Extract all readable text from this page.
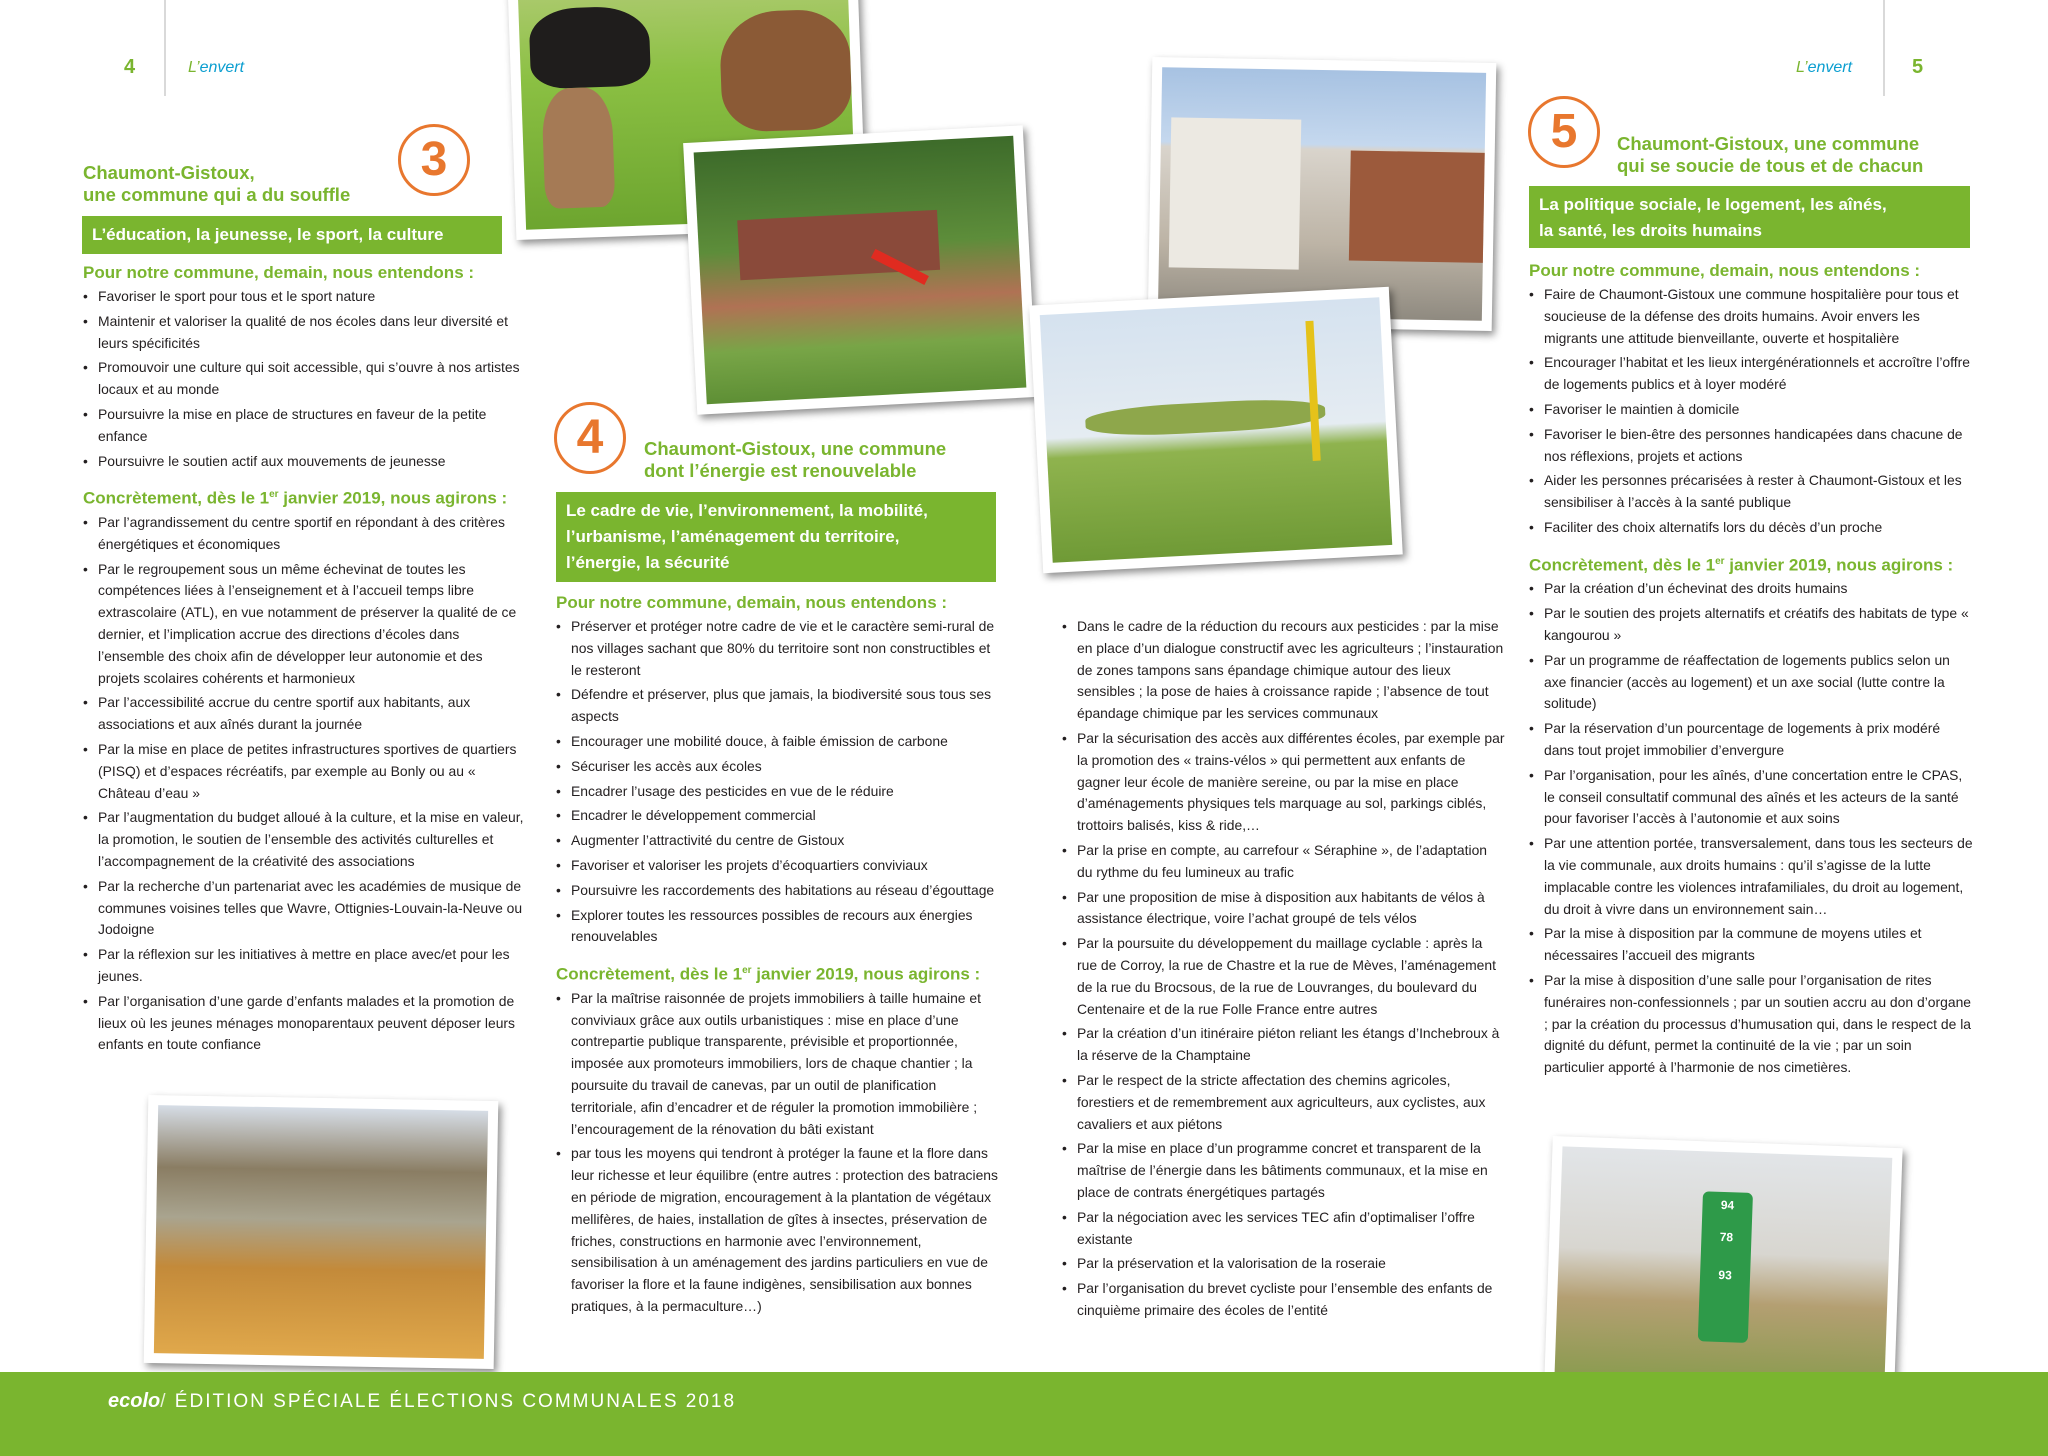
4	L’envert	L’envert	5
3
Chaumont-Gistoux,
une commune qui a du souffle
L’éducation, la jeunesse, le sport, la culture
Pour notre commune, demain, nous entendons :
• Favoriser le sport pour tous et le sport nature
• Maintenir et valoriser la qualité de nos écoles dans leur diversité et leurs spécificités
• Promouvoir une culture qui soit accessible, qui s’ouvre à nos artistes locaux et au monde
• Poursuivre la mise en place de structures en faveur de la petite enfance
• Poursuivre le soutien actif aux mouvements de jeunesse
Concrètement, dès le 1er janvier 2019, nous agirons :
• Par l’agrandissement du centre sportif en répondant à des critères énergétiques et économiques
• Par le regroupement sous un même échevinat de toutes les compétences liées à l’enseignement et à l’accueil temps libre extrascolaire (ATL), en vue notamment de préserver la qualité de ce dernier, et l’implication accrue des directions d’écoles dans l’ensemble des choix afin de développer leur autonomie et des projets scolaires cohérents et harmonieux
• Par l’accessibilité accrue du centre sportif aux habitants, aux associations et aux aînés durant la journée
• Par la mise en place de petites infrastructures sportives de quartiers (PISQ) et d’espaces récréatifs, par exemple au Bonly ou au « Château d’eau »
• Par l’augmentation du budget alloué à la culture, et la mise en valeur, la promotion, le soutien de l’ensemble des activités culturelles et l’accompagnement de la créativité des associations
• Par la recherche d’un partenariat avec les académies de musique de communes voisines telles que Wavre, Ottignies-Louvain-la-Neuve ou Jodoigne
• Par la réflexion sur les initiatives à mettre en place avec/et pour les jeunes.
• Par l’organisation d’une garde d’enfants malades et la promotion de lieux où les jeunes ménages monoparentaux peuvent déposer leurs enfants en toute confiance
4	Chaumont-Gistoux, une commune
dont l’énergie est renouvelable
Le cadre de vie, l’environnement, la mobilité,
l’urbanisme, l’aménagement du territoire,
l’énergie, la sécurité
Pour notre commune, demain, nous entendons :
• Préserver et protéger notre cadre de vie et le caractère semi-rural de nos villages sachant que 80% du territoire sont non constructibles et le resteront
• Défendre et préserver, plus que jamais, la biodiversité sous tous ses aspects
• Encourager une mobilité douce, à faible émission de carbone
• Sécuriser les accès aux écoles
• Encadrer l’usage des pesticides en vue de le réduire
• Encadrer le développement commercial
• Augmenter l’attractivité du centre de Gistoux
• Favoriser et valoriser les projets d’écoquartiers conviviaux
• Poursuivre les raccordements des habitations au réseau d’égouttage
• Explorer toutes les ressources possibles de recours aux énergies renouvelables
Concrètement, dès le 1er janvier 2019, nous agirons :
• Par la maîtrise raisonnée de projets immobiliers à taille humaine et conviviaux grâce aux outils urbanistiques : mise en place d’une contrepartie publique transparente, prévisible et proportionnée, imposée aux promoteurs immobiliers, lors de chaque chantier ; la poursuite du travail de canevas, par un outil de planification territoriale, afin d’encadrer et de réguler la promotion immobilière ; l’encouragement de la rénovation du bâti existant
• par tous les moyens qui tendront à protéger la faune et la flore dans leur richesse et leur équilibre (entre autres : protection des batraciens en période de migration, encouragement à la plantation de végétaux mellifères, de haies, installation de gîtes à insectes, préservation de friches, constructions en harmonie avec l’environnement, sensibilisation à un aménagement des jardins particuliers en vue de favoriser la flore et la faune indigènes, sensibilisation aux bonnes pratiques, à la permaculture…)
• Dans le cadre de la réduction du recours aux pesticides : par la mise en place d’un dialogue constructif avec les agriculteurs ; l’instauration de zones tampons sans épandage chimique autour des lieux sensibles ; la pose de haies à croissance rapide ; l’absence de tout épandage chimique par les services communaux
• Par la sécurisation des accès aux différentes écoles, par exemple par la promotion des « trains-vélos » qui permettent aux enfants de gagner leur école de manière sereine, ou par la mise en place d’aménagements physiques tels marquage au sol, parkings ciblés, trottoirs balisés, kiss & ride,…
• Par la prise en compte, au carrefour « Séraphine », de l’adaptation du rythme du feu lumineux au trafic
• Par une proposition de mise à disposition aux habitants de vélos à assistance électrique, voire l’achat groupé de tels vélos
• Par la poursuite du développement du maillage cyclable : après la rue de Corroy, la rue de Chastre et la rue de Mèves, l’aménagement de la rue du Brocsous, de la rue de Louvranges, du boulevard du Centenaire et de la rue Folle France entre autres
• Par la création d’un itinéraire piéton reliant les étangs d’Inchebroux à la réserve de la Champtaine
• Par le respect de la stricte affectation des chemins agricoles, forestiers et de remembrement aux agriculteurs, aux cyclistes, aux cavaliers et aux piétons
• Par la mise en place d’un programme concret et transparent de la maîtrise de l’énergie dans les bâtiments communaux, et la mise en place de contrats énergétiques partagés
• Par la négociation avec les services TEC afin d’optimaliser l’offre existante
• Par la préservation et la valorisation de la roseraie
• Par l’organisation du brevet cycliste pour l’ensemble des enfants de cinquième primaire des écoles de l’entité
5	Chaumont-Gistoux, une commune
qui se soucie de tous et de chacun
La politique sociale, le logement, les aînés,
la santé, les droits humains
Pour notre commune, demain, nous entendons :
• Faire de Chaumont-Gistoux une commune hospitalière pour tous et soucieuse de la défense des droits humains. Avoir envers les migrants une attitude bienveillante, ouverte et hospitalière
• Encourager l’habitat et les lieux intergénérationnels et accroître l’offre de logements publics et à loyer modéré
• Favoriser le maintien à domicile
• Favoriser le bien-être des personnes handicapées dans chacune de nos réflexions, projets et actions
• Aider les personnes précarisées à rester à Chaumont-Gistoux et les sensibiliser à l’accès à la santé publique
• Faciliter des choix alternatifs lors du décès d’un proche
Concrètement, dès le 1er janvier 2019, nous agirons :
• Par la création d’un échevinat des droits humains
• Par le soutien des projets alternatifs et créatifs des habitats de type « kangourou »
• Par un programme de réaffectation de logements publics selon un axe financier (accès au logement) et un axe social (lutte contre la solitude)
• Par la réservation d’un pourcentage de logements à prix modéré dans tout projet immobilier d’envergure
• Par l’organisation, pour les aînés, d’une concertation entre le CPAS, le conseil consultatif communal des aînés et les acteurs de la santé pour favoriser l’accès à l’autonomie et aux soins
• Par une attention portée, transversalement, dans tous les secteurs de la vie communale, aux droits humains : qu’il s’agisse de la lutte implacable contre les violences intrafamiliales, du droit au logement, du droit à vivre dans un environnement sain…
• Par la mise à disposition par la commune de moyens utiles et nécessaires l’accueil des migrants
• Par la mise à disposition d’une salle pour l’organisation de rites funéraires non-confessionnels ; par un soutien accru au don d’organe ; par la création du processus d’humusation qui, dans le respect de la dignité du défunt, permet la continuité de la vie ; par un soin particulier apporté à l’harmonie de nos cimetières.
94
78
93
ecolo/ ÉDITION SPÉCIALE ÉLECTIONS COMMUNALES 2018
